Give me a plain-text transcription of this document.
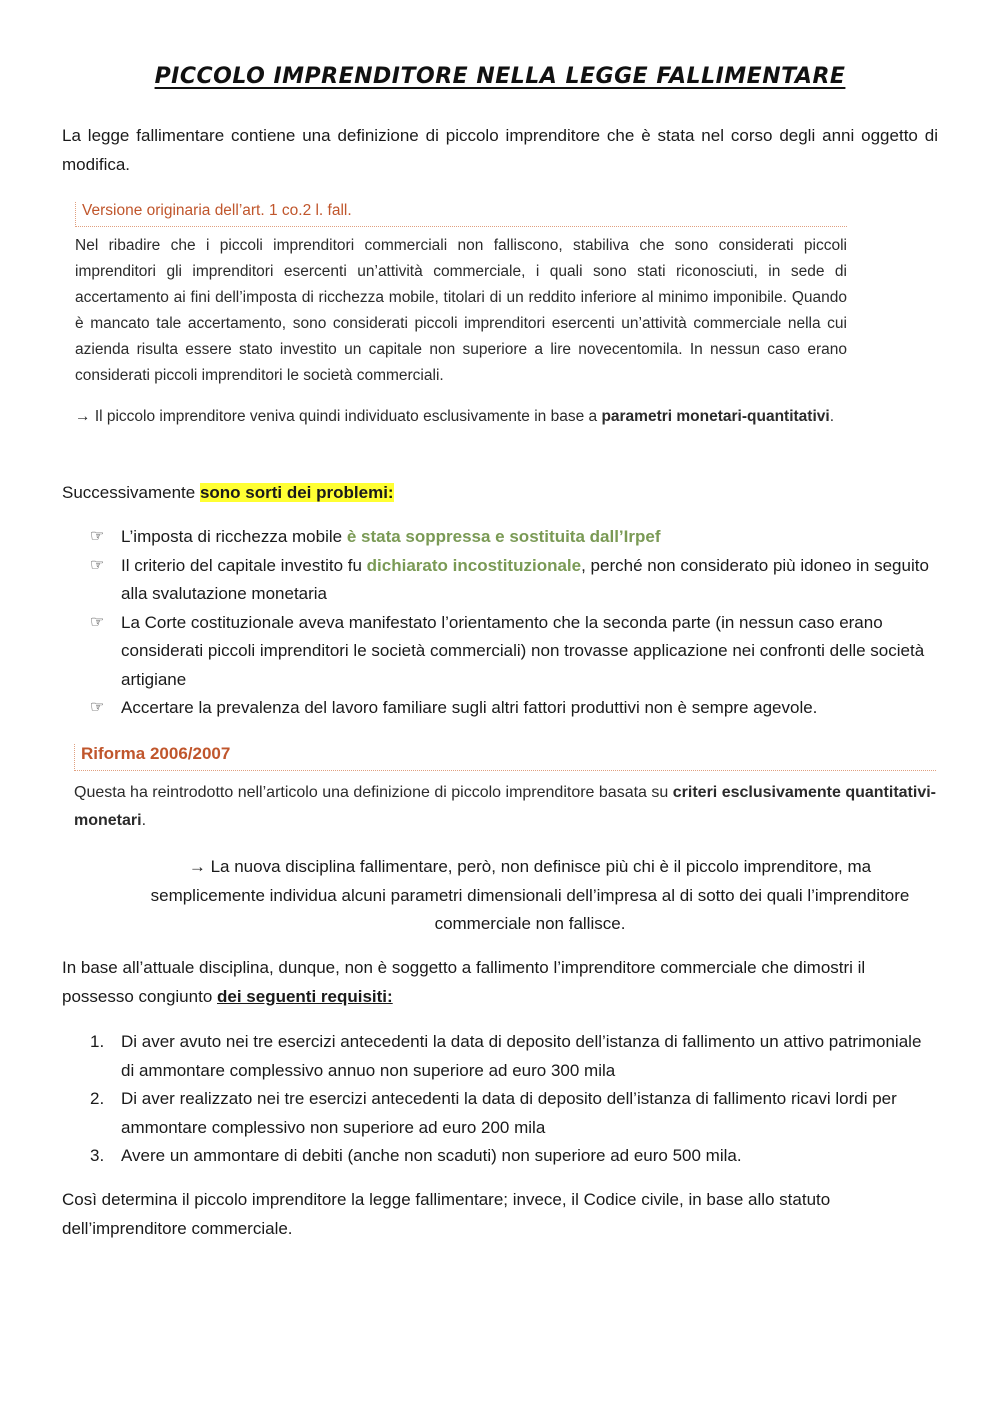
PICCOLO IMPRENDITORE NELLA LEGGE FALLIMENTARE

La legge fallimentare contiene una definizione di piccolo imprenditore che è stata nel corso degli anni oggetto di modifica.

Versione originaria dell’art. 1 co.2 l. fall.

Nel ribadire che i piccoli imprenditori commerciali non falliscono, stabiliva che sono considerati piccoli imprenditori gli imprenditori esercenti un’attività commerciale, i quali sono stati riconosciuti, in sede di accertamento ai fini dell’imposta di ricchezza mobile, titolari di un reddito inferiore al minimo imponibile. Quando è mancato tale accertamento, sono considerati piccoli imprenditori esercenti un’attività commerciale nella cui azienda risulta essere stato investito un capitale non superiore a lire novecentomila. In nessun caso erano considerati piccoli imprenditori le società commerciali.

→ Il piccolo imprenditore veniva quindi individuato esclusivamente in base a parametri monetari-quantitativi.

Successivamente sono sorti dei problemi:

☞ L’imposta di ricchezza mobile è stata soppressa e sostituita dall’Irpef
☞ Il criterio del capitale investito fu dichiarato incostituzionale, perché non considerato più idoneo in seguito alla svalutazione monetaria
☞ La Corte costituzionale aveva manifestato l’orientamento che la seconda parte (in nessun caso erano considerati piccoli imprenditori le società commerciali) non trovasse applicazione nei confronti delle società artigiane
☞ Accertare la prevalenza del lavoro familiare sugli altri fattori produttivi non è sempre agevole.
Riforma 2006/2007

Questa ha reintrodotto nell’articolo una definizione di piccolo imprenditore basata su criteri esclusivamente quantitativi-monetari.

→ La nuova disciplina fallimentare, però, non definisce più chi è il piccolo imprenditore, ma semplicemente individua alcuni parametri dimensionali dell’impresa al di sotto dei quali l’imprenditore commerciale non fallisce.

In base all’attuale disciplina, dunque, non è soggetto a fallimento l’imprenditore commerciale che dimostri il possesso congiunto dei seguenti requisiti:

1. Di aver avuto nei tre esercizi antecedenti la data di deposito dell’istanza di fallimento un attivo patrimoniale di ammontare complessivo annuo non superiore ad euro 300 mila
2. Di aver realizzato nei tre esercizi antecedenti la data di deposito dell’istanza di fallimento ricavi lordi per ammontare complessivo non superiore ad euro 200 mila
3. Avere un ammontare di debiti (anche non scaduti) non superiore ad euro 500 mila.

Così determina il piccolo imprenditore la legge fallimentare; invece, il Codice civile, in base allo statuto dell’imprenditore commerciale.
